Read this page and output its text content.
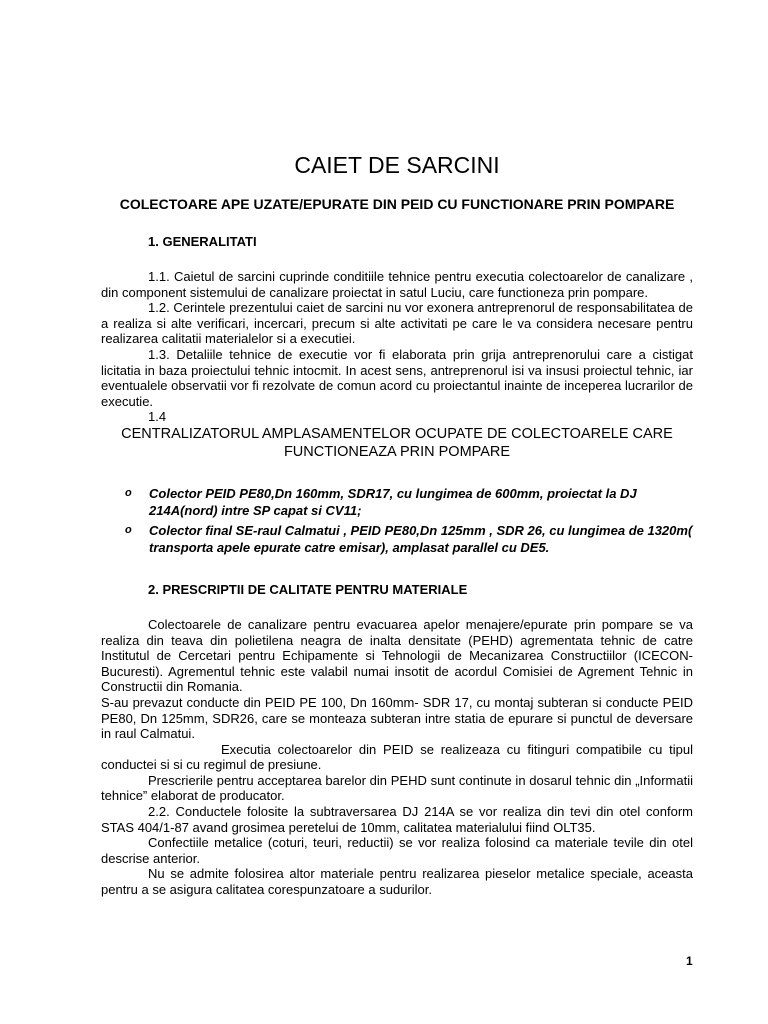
CAIET DE SARCINI
COLECTOARE APE UZATE/EPURATE DIN PEID CU FUNCTIONARE PRIN POMPARE
1. GENERALITATI

1.1. Caietul de sarcini cuprinde conditiile tehnice pentru executia colectoarelor de canalizare , din component sistemului de canalizare proiectat in satul Luciu, care functioneza prin pompare.

1.2. Cerintele prezentului caiet de sarcini nu vor exonera antreprenorul de responsabilitatea de a realiza si alte verificari, incercari, precum si alte activitati pe care le va considera necesare pentru realizarea calitatii materialelor si a executiei.

1.3. Detaliile tehnice de executie vor fi elaborata prin grija antreprenorului care a cistigat licitatia in baza proiectului tehnic intocmit. In acest sens, antreprenorul isi va insusi proiectul tehnic, iar eventualele observatii vor fi rezolvate de comun acord cu proiectantul inainte de inceperea lucrarilor de executie.

1.4
CENTRALIZATORUL AMPLASAMENTELOR OCUPATE DE COLECTOARELE CARE FUNCTIONEAZA PRIN POMPARE
o Colector PEID PE80,Dn 160mm, SDR17, cu lungimea de 600mm, proiectat la DJ 214A(nord) intre SP capat si CV11;
o Colector final SE-raul Calmatui , PEID PE80,Dn 125mm , SDR 26, cu lungimea de 1320m( transporta apele epurate catre emisar), amplasat parallel cu DE5.
2. PRESCRIPTII DE CALITATE PENTRU MATERIALE

Colectoarele de canalizare pentru evacuarea apelor menajere/epurate prin pompare se va realiza din teava din polietilena neagra de inalta densitate (PEHD) agrementata tehnic de catre Institutul de Cercetari pentru Echipamente si Tehnologii de Mecanizarea Constructiilor (ICECON-Bucuresti). Agrementul tehnic este valabil numai insotit de acordul Comisiei de Agrement Tehnic in Constructii din Romania.

S-au prevazut conducte din PEID PE 100, Dn 160mm- SDR 17, cu montaj subteran si conducte PEID PE80, Dn 125mm, SDR26, care se monteaza subteran intre statia de epurare si punctul de deversare in raul Calmatui.

Executia colectoarelor din PEID se realizeaza cu fitinguri compatibile cu tipul conductei si si cu regimul de presiune.

Prescrierile pentru acceptarea barelor din PEHD sunt continute in dosarul tehnic din „Informatii tehnice” elaborat de producator.

2.2. Conductele folosite la subtraversarea DJ 214A se vor realiza din tevi din otel conform STAS 404/1-87 avand grosimea peretelui de 10mm, calitatea materialului fiind OLT35.

Confectiile metalice (coturi, teuri, reductii) se vor realiza folosind ca materiale tevile din otel descrise anterior.

Nu se admite folosirea altor materiale pentru realizarea pieselor metalice speciale, aceasta pentru a se asigura calitatea corespunzatoare a sudurilor.

1
